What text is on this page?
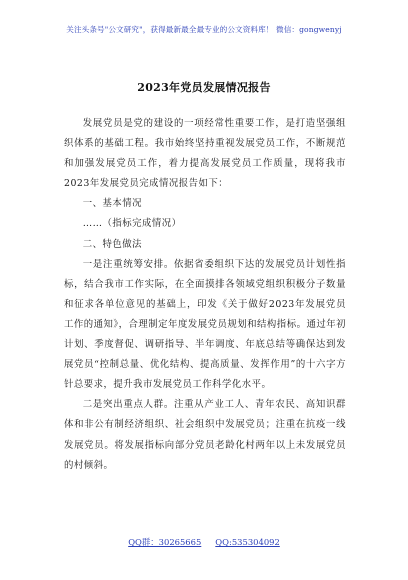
关注头条号"公文研究"，获得最新最全最专业的公文资料库！ 微信：gongwenyj
2023年党员发展情况报告

发展党员是党的建设的一项经常性重要工作，是打造坚强组织体系的基础工程。我市始终坚持重视发展党员工作，不断规范和加强发展党员工作，着力提高发展党员工作质量，现将我市2023年发展党员完成情况报告如下：

一、基本情况

……（指标完成情况）

二、特色做法

一是注重统筹安排。依据省委组织下达的发展党员计划性指标，结合我市工作实际，在全面摸排各领域党组织积极分子数量和征求各单位意见的基础上，印发《关于做好2023年发展党员工作的通知》，合理制定年度发展党员规划和结构指标。通过年初计划、季度督促、调研指导、半年调度、年底总结等确保达到发展党员“控制总量、优化结构、提高质量、发挥作用”的十六字方针总要求，提升我市发展党员工作科学化水平。

二是突出重点人群。注重从产业工人、青年农民、高知识群体和非公有制经济组织、社会组织中发展党员；注重在抗疫一线发展党员。将发展指标向部分党员老龄化村两年以上未发展党员的村倾斜。

QQ群：30265665 QQ:535304092
